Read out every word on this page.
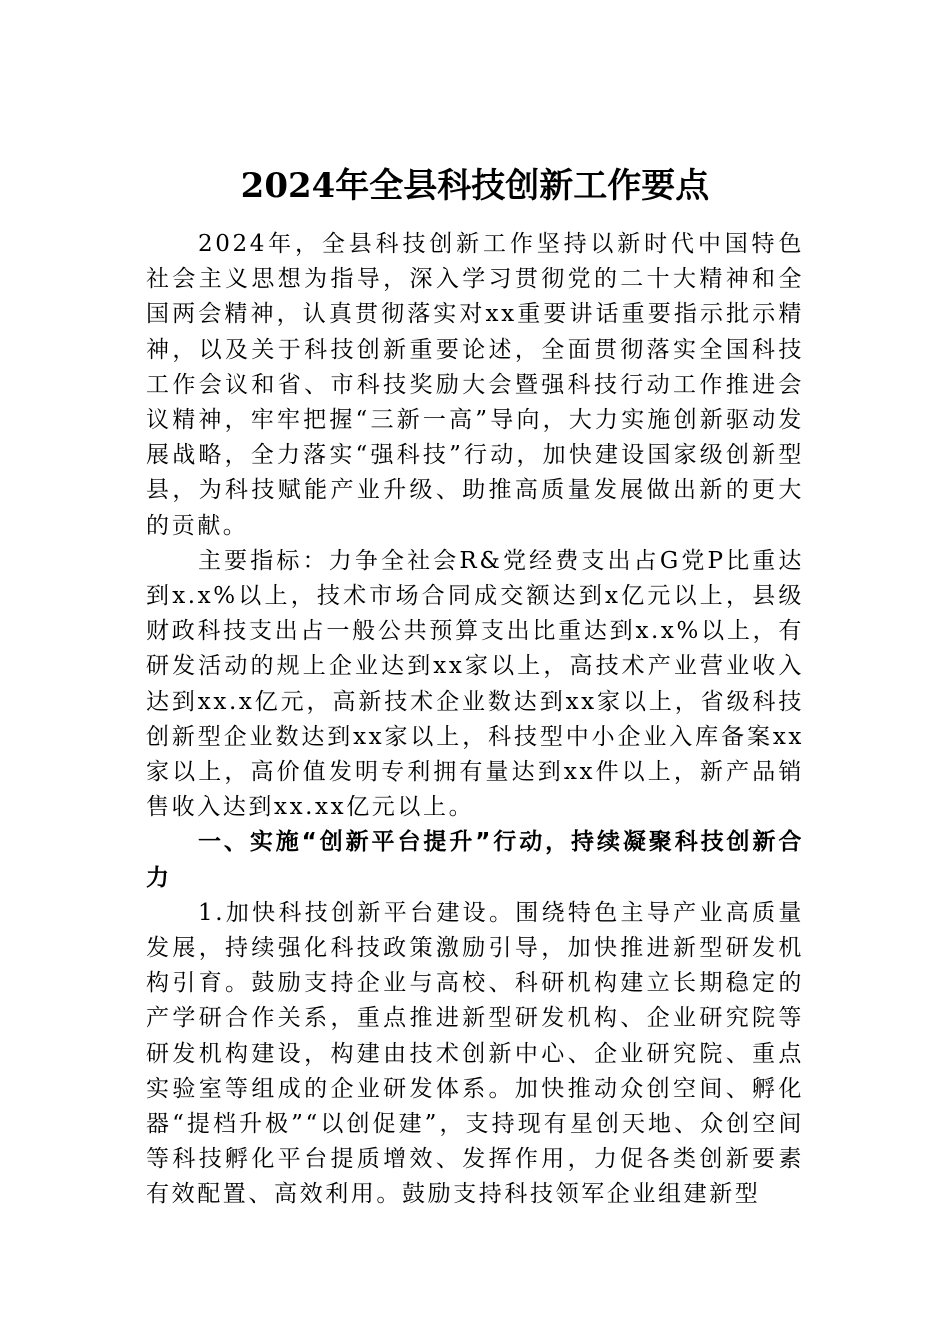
2024年全县科技创新工作要点

2024年，全县科技创新工作坚持以新时代中国特色社会主义思想为指导，深入学习贯彻党的二十大精神和全国两会精神，认真贯彻落实对xx重要讲话重要指示批示精神，以及关于科技创新重要论述，全面贯彻落实全国科技工作会议和省、市科技奖励大会暨强科技行动工作推进会议精神，牢牢把握“三新一高”导向，大力实施创新驱动发展战略，全力落实“强科技”行动，加快建设国家级创新型县，为科技赋能产业升级、助推高质量发展做出新的更大的贡献。

主要指标：力争全社会R&党经费支出占G党P比重达到x.x%以上，技术市场合同成交额达到x亿元以上，县级财政科技支出占一般公共预算支出比重达到x.x%以上，有研发活动的规上企业达到xx家以上，高技术产业营业收入达到xx.x亿元，高新技术企业数达到xx家以上，省级科技创新型企业数达到xx家以上，科技型中小企业入库备案xx家以上，高价值发明专利拥有量达到xx件以上，新产品销售收入达到xx.xx亿元以上。

一、实施“创新平台提升”行动，持续凝聚科技创新合力

1.加快科技创新平台建设。围绕特色主导产业高质量发展，持续强化科技政策激励引导，加快推进新型研发机构引育。鼓励支持企业与高校、科研机构建立长期稳定的产学研合作关系，重点推进新型研发机构、企业研究院等研发机构建设，构建由技术创新中心、企业研究院、重点实验室等组成的企业研发体系。加快推动众创空间、孵化器“提档升极”“以创促建”，支持现有星创天地、众创空间等科技孵化平台提质增效、发挥作用，力促各类创新要素有效配置、高效利用。鼓励支持科技领军企业组建新型
